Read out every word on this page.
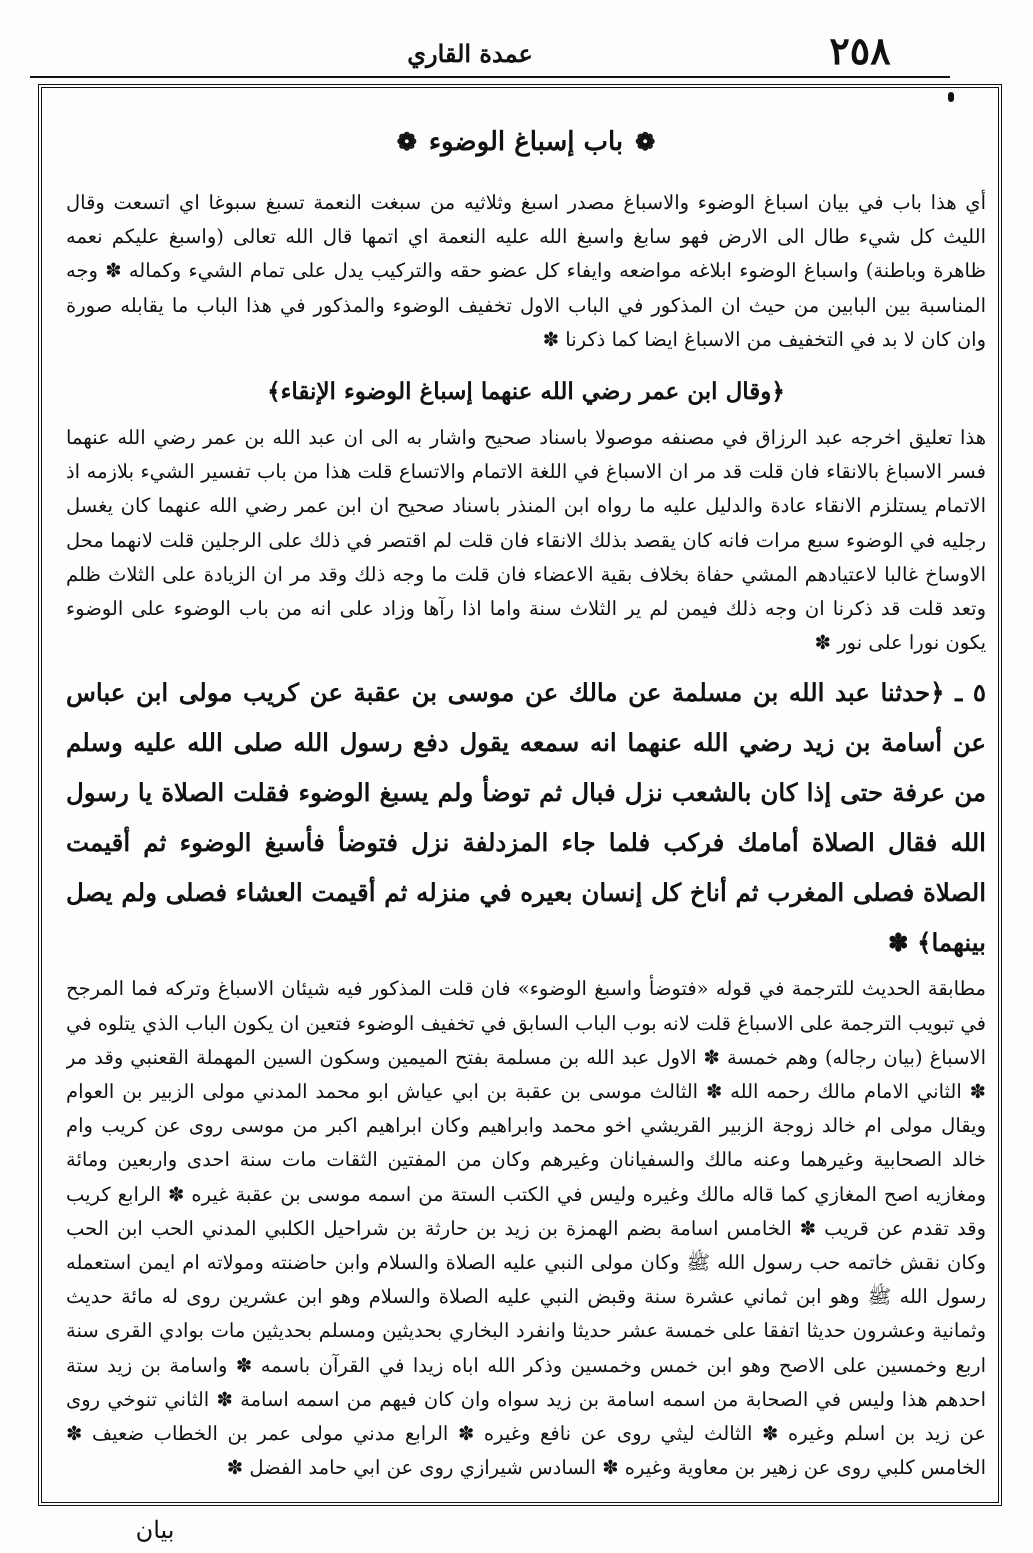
٢٥٨
عمدة القاري
❁باب إسباغ الوضوء❁

أي هذا باب في بيان اسباغ الوضوء والاسباغ مصدر اسبغ وثلاثيه من سبغت النعمة تسبغ سبوغا اي اتسعت وقال الليث كل شيء طال الى الارض فهو سابغ واسبغ الله عليه النعمة اي اتمها قال الله تعالى (واسبغ عليكم نعمه ظاهرة وباطنة) واسباغ الوضوء ابلاغه مواضعه وايفاء كل عضو حقه والتركيب يدل على تمام الشيء وكماله ✽ وجه المناسبة بين البابين من حيث ان المذكور في الباب الاول تخفيف الوضوء والمذكور في هذا الباب ما يقابله صورة وان كان لا بد في التخفيف من الاسباغ ايضا كما ذكرنا ✽

﴿وقال ابن عمر رضي الله عنهما إسباغ الوضوء الإنقاء﴾

هذا تعليق اخرجه عبد الرزاق في مصنفه موصولا باسناد صحيح واشار به الى ان عبد الله بن عمر رضي الله عنهما فسر الاسباغ بالانقاء فان قلت قد مر ان الاسباغ في اللغة الاتمام والاتساع قلت هذا من باب تفسير الشيء بلازمه اذ الاتمام يستلزم الانقاء عادة والدليل عليه ما رواه ابن المنذر باسناد صحيح ان ابن عمر رضي الله عنهما كان يغسل رجليه في الوضوء سبع مرات فانه كان يقصد بذلك الانقاء فان قلت لم اقتصر في ذلك على الرجلين قلت لانهما محل الاوساخ غالبا لاعتيادهم المشي حفاة بخلاف بقية الاعضاء فان قلت ما وجه ذلك وقد مر ان الزيادة على الثلاث ظلم وتعد قلت قد ذكرنا ان وجه ذلك فيمن لم ير الثلاث سنة واما اذا رآها وزاد على انه من باب الوضوء على الوضوء يكون نورا على نور ✽

٥ ـ ﴿حدثنا عبد الله بن مسلمة عن مالك عن موسى بن عقبة عن كريب مولى ابن عباس عن أسامة بن زيد رضي الله عنهما انه سمعه يقول دفع رسول الله صلى الله عليه وسلم من عرفة حتى إذا كان بالشعب نزل فبال ثم توضأ ولم يسبغ الوضوء فقلت الصلاة يا رسول الله فقال الصلاة أمامك فركب فلما جاء المزدلفة نزل فتوضأ فأسبغ الوضوء ثم أقيمت الصلاة فصلى المغرب ثم أناخ كل إنسان بعيره في منزله ثم أقيمت العشاء فصلى ولم يصل بينهما﴾ ✽

مطابقة الحديث للترجمة في قوله «فتوضأ واسبغ الوضوء» فان قلت المذكور فيه شيئان الاسباغ وتركه فما المرجح في تبويب الترجمة على الاسباغ قلت لانه بوب الباب السابق في تخفيف الوضوء فتعين ان يكون الباب الذي يتلوه في الاسباغ (بيان رجاله) وهم خمسة ✽ الاول عبد الله بن مسلمة بفتح الميمين وسكون السين المهملة القعنبي وقد مر ✽ الثاني الامام مالك رحمه الله ✽ الثالث موسى بن عقبة بن ابي عياش ابو محمد المدني مولى الزبير بن العوام ويقال مولى ام خالد زوجة الزبير القريشي اخو محمد وابراهيم وكان ابراهيم اكبر من موسى روى عن كريب وام خالد الصحابية وغيرهما وعنه مالك والسفيانان وغيرهم وكان من المفتين الثقات مات سنة احدى واربعين ومائة ومغازيه اصح المغازي كما قاله مالك وغيره وليس في الكتب الستة من اسمه موسى بن عقبة غيره ✽ الرابع كريب وقد تقدم عن قريب ✽ الخامس اسامة بضم الهمزة بن زيد بن حارثة بن شراحيل الكلبي المدني الحب ابن الحب وكان نقش خاتمه حب رسول الله ﷺ وكان مولى النبي عليه الصلاة والسلام وابن حاضنته ومولاته ام ايمن استعمله رسول الله ﷺ وهو ابن ثماني عشرة سنة وقبض النبي عليه الصلاة والسلام وهو ابن عشرين روى له مائة حديث وثمانية وعشرون حديثا اتفقا على خمسة عشر حديثا وانفرد البخاري بحديثين ومسلم بحديثين مات بوادي القرى سنة اربع وخمسين على الاصح وهو ابن خمس وخمسين وذكر الله اباه زيدا في القرآن باسمه ✽ واسامة بن زيد ستة احدهم هذا وليس في الصحابة من اسمه اسامة بن زيد سواه وان كان فيهم من اسمه اسامة ✽ الثاني تنوخي روى عن زيد بن اسلم وغيره ✽ الثالث ليثي روى عن نافع وغيره ✽ الرابع مدني مولى عمر بن الخطاب ضعيف ✽ الخامس كلبي روى عن زهير بن معاوية وغيره ✽ السادس شيرازي روى عن ابي حامد الفضل ✽

بيان
